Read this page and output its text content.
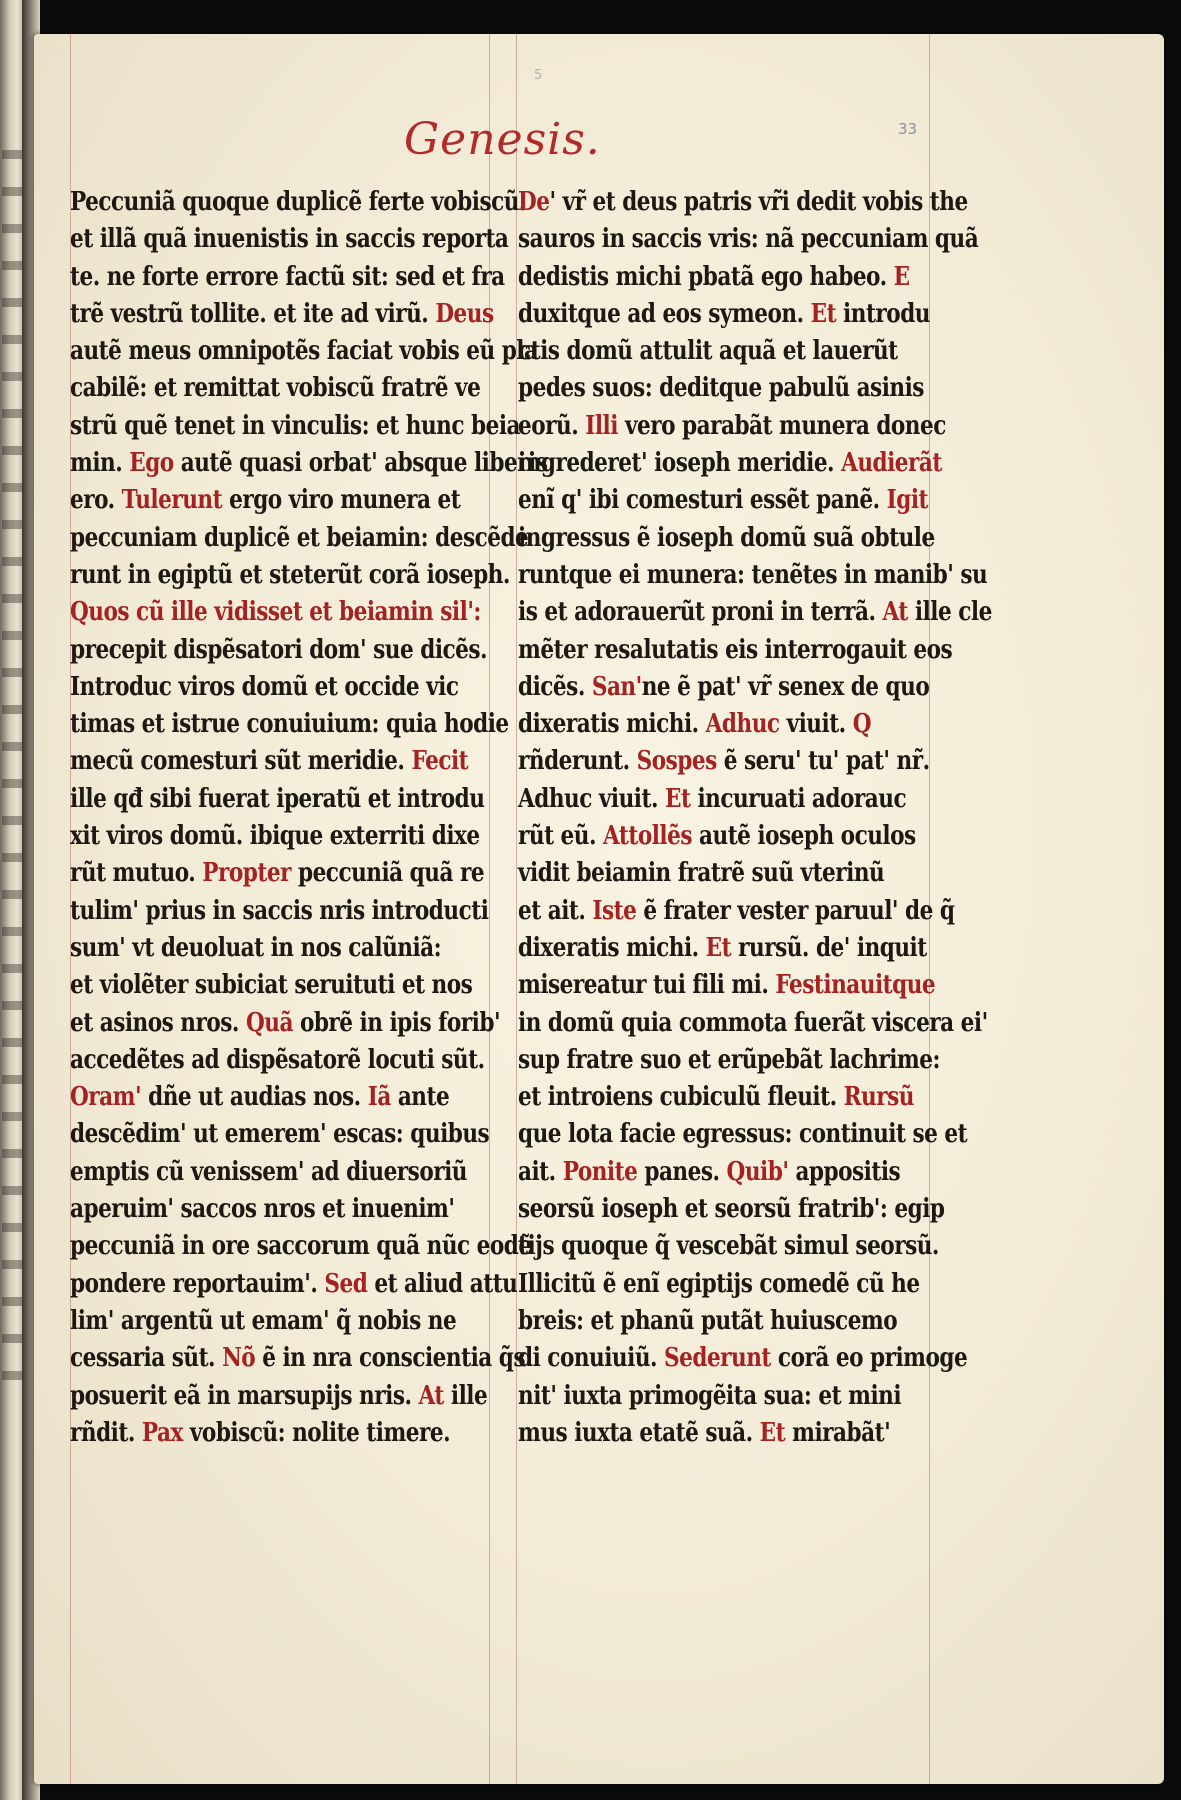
5
Genesis.	33
Peccuniã quoque duplicẽ ferte vobiscũ.
et illã quã inuenistis in saccis reporta
te. ne forte errore factũ sit: sed et fra
trẽ vestrũ tollite. et ite ad virũ. Deus
autẽ meus omnipotẽs faciat vobis eũ pla
cabilẽ: et remittat vobiscũ fratrẽ ve
strũ quẽ tenet in vinculis: et hunc beia
min. Ego autẽ quasi orbat' absque liberis
ero. Tulerunt ergo viro munera et
peccuniam duplicẽ et beiamin: descẽde
runt in egiptũ et steterũt corã ioseph.
Quos cũ ille vidisset et beiamin sil':
precepit dispẽsatori dom' sue dicẽs.
Introduc viros domũ et occide vic
timas et istrue conuiuium: quia hodie
mecũ comesturi sũt meridie. Fecit
ille qđ sibi fuerat iperatũ et introdu
xit viros domũ. ibique exterriti dixe
rũt mutuo. Propter peccuniã quã re
tulim' prius in saccis nris introducti
sum' vt deuoluat in nos calũniã:
et violẽter subiciat seruituti et nos
et asinos nros. Quã obrẽ in ipis forib'
accedẽtes ad dispẽsatorẽ locuti sũt.
Oram' dñe ut audias nos. Iã ante
descẽdim' ut emerem' escas: quibus
emptis cũ venissem' ad diuersoriũ
aperuim' saccos nros et inuenim'
peccuniã in ore saccorum quã nũc eodẽ
pondere reportauim'. Sed et aliud attu
lim' argentũ ut emam' q̃ nobis ne
cessaria sũt. Nõ ẽ in nra conscientia q̃s
posuerit eã in marsupijs nris. At ille
rñdit. Pax vobiscũ: nolite timere.
De' vr̃ et deus patris vr̃i dedit vobis the
sauros in saccis vris: nã peccuniam quã
dedistis michi pbatã ego habeo. E
duxitque ad eos symeon. Et introdu
ctis domũ attulit aquã et lauerũt
pedes suos: deditque pabulũ asinis
eorũ. Illi vero parabãt munera donec
ingrederet' ioseph meridie. Audierãt
enĩ q' ibi comesturi essẽt panẽ. Igit
ingressus ẽ ioseph domũ suã obtule
runtque ei munera: tenẽtes in manib' su
is et adorauerũt proni in terrã. At ille cle
mẽter resalutatis eis interrogauit eos
dicẽs. San'ne ẽ pat' vr̃ senex de quo
dixeratis michi. Adhuc viuit. Q
rñderunt. Sospes ẽ seru' tu' pat' nr̃.
Adhuc viuit. Et incuruati adorauc
rũt eũ. Attollẽs autẽ ioseph oculos
vidit beiamin fratrẽ suũ vterinũ
et ait. Iste ẽ frater vester paruul' de q̃
dixeratis michi. Et rursũ. de' inquit
misereatur tui fili mi. Festinauitque
in domũ quia commota fuerãt viscera ei'
sup fratre suo et erũpebãt lachrime:
et introiens cubiculũ fleuit. Rursũ
que lota facie egressus: continuit se et
ait. Ponite panes. Quib' appositis
seorsũ ioseph et seorsũ fratrib': egip
tijs quoque q̃ vescebãt simul seorsũ.
Illicitũ ẽ enĩ egiptijs comedẽ cũ he
breis: et phanũ putãt huiuscemo
di conuiuiũ. Sederunt corã eo primoge
nit' iuxta primogẽita sua: et mini
mus iuxta etatẽ suã. Et mirabãt'
